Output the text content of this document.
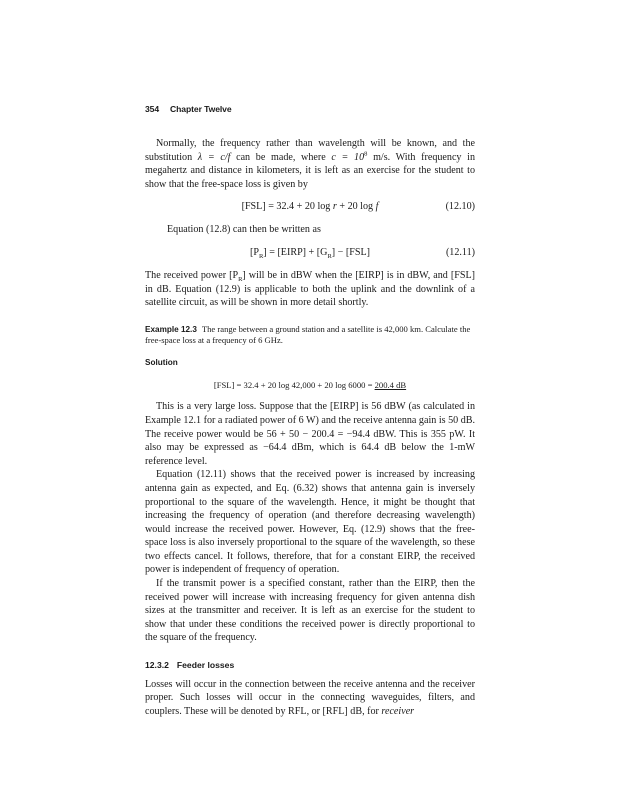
354 Chapter Twelve

Normally, the frequency rather than wavelength will be known, and the substitution λ = c/f can be made, where $c = 10^8$ m/s. With frequency in megahertz and distance in kilometers, it is left as an exercise for the student to show that the free-space loss is given by

[FSL] = 32.4 + 20 log r + 20 log f	(12.10)

Equation (12.8) can then be written as

$[P_R]$ = [EIRP] + $[G_R] - [FSL]$	(12.11)

The received power $[P_R]$ will be in dBW when the [EIRP] is in dBW, and [FSL] in dB. Equation (12.9) is applicable to both the uplink and the downlink of a satellite circuit, as will be shown in more detail shortly.

Example 12.3 The range between a ground station and a satellite is 42,000 km. Calculate the free-space loss at a frequency of 6 GHz.
Solution
[FSL] = 32.4 + 20 log 42,000 + 20 log 6000 = 200.4 dB

This is a very large loss. Suppose that the [EIRP] is 56 dBW (as calculated in Example 12.1 for a radiated power of 6 W) and the receive antenna gain is 50 dB. The receive power would be 56 + 50 − 200.4 = −94.4 dBW. This is 355 pW. It also may be expressed as −64.4 dBm, which is 64.4 dB below the 1-mW reference level.

Equation (12.11) shows that the received power is increased by increasing antenna gain as expected, and Eq. (6.32) shows that antenna gain is inversely proportional to the square of the wavelength. Hence, it might be thought that increasing the frequency of operation (and therefore decreasing wavelength) would increase the received power. However, Eq. (12.9) shows that the free-space loss is also inversely proportional to the square of the wavelength, so these two effects cancel. It follows, therefore, that for a constant EIRP, the received power is independent of frequency of operation.

If the transmit power is a specified constant, rather than the EIRP, then the received power will increase with increasing frequency for given antenna dish sizes at the transmitter and receiver. It is left as an exercise for the student to show that under these conditions the received power is directly proportional to the square of the frequency.

12.3.2 Feeder losses

Losses will occur in the connection between the receive antenna and the receiver proper. Such losses will occur in the connecting waveguides, filters, and couplers. These will be denoted by RFL, or [RFL] dB, for receiver
